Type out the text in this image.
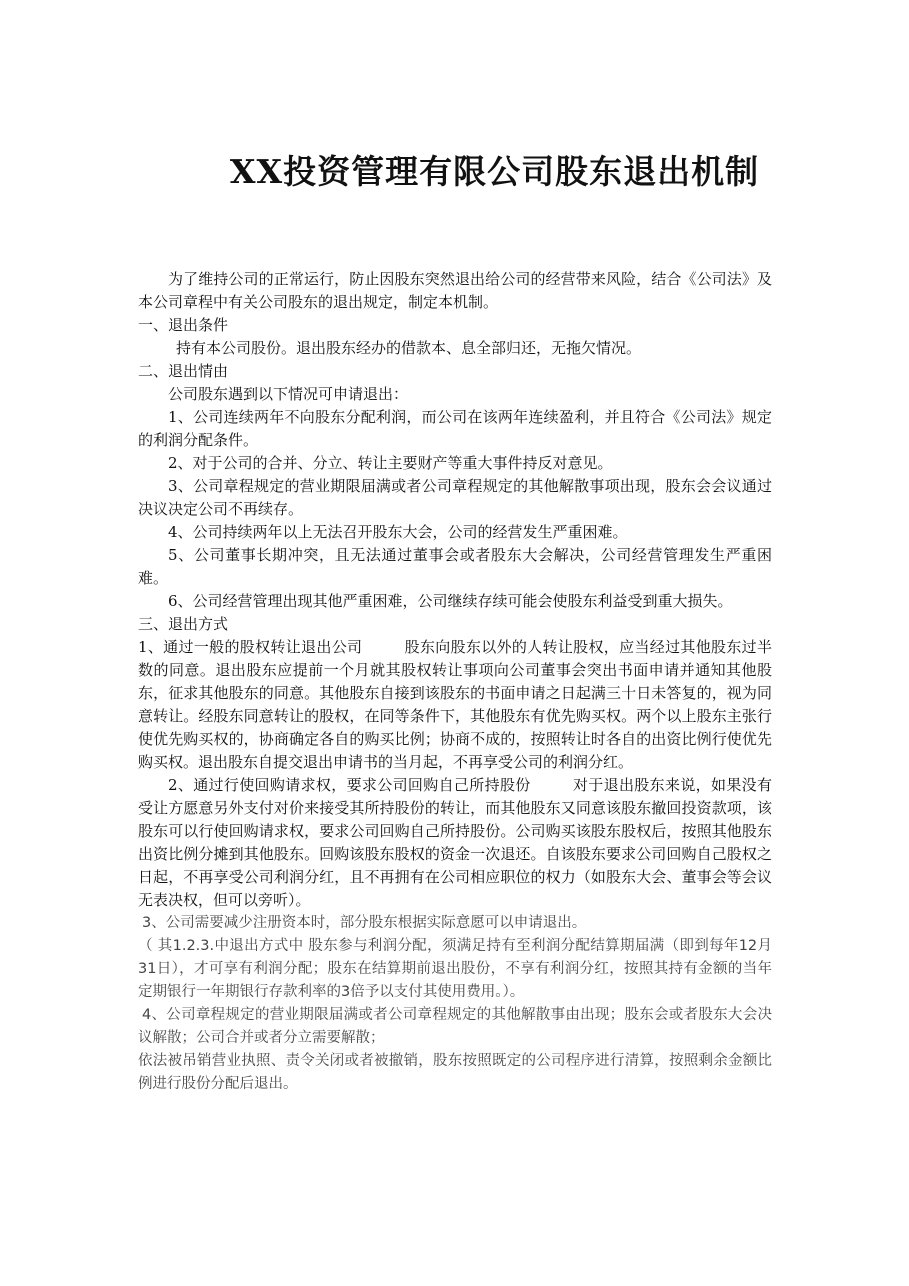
XX投资管理有限公司股东退出机制

为了维持公司的正常运行，防止因股东突然退出给公司的经营带来风险，结合《公司法》及本公司章程中有关公司股东的退出规定，制定本机制。

一、退出条件

持有本公司股份。退出股东经办的借款本、息全部归还，无拖欠情况。

二、退出情由

公司股东遇到以下情况可申请退出：

1、公司连续两年不向股东分配利润，而公司在该两年连续盈利，并且符合《公司法》规定的利润分配条件。

2、对于公司的合并、分立、转让主要财产等重大事件持反对意见。

3、公司章程规定的营业期限届满或者公司章程规定的其他解散事项出现，股东会会议通过决议决定公司不再续存。

4、公司持续两年以上无法召开股东大会，公司的经营发生严重困难。

5、公司董事长期冲突，且无法通过董事会或者股东大会解决，公司经营管理发生严重困难。

6、公司经营管理出现其他严重困难，公司继续存续可能会使股东利益受到重大损失。

三、退出方式

1、通过一般的股权转让退出公司	股东向股东以外的人转让股权，应当经过其他股东过半数的同意。退出股东应提前一个月就其股权转让事项向公司董事会突出书面申请并通知其他股东，征求其他股东的同意。其他股东自接到该股东的书面申请之日起满三十日未答复的，视为同意转让。经股东同意转让的股权，在同等条件下，其他股东有优先购买权。两个以上股东主张行使优先购买权的，协商确定各自的购买比例；协商不成的，按照转让时各自的出资比例行使优先购买权。退出股东自提交退出申请书的当月起，不再享受公司的利润分红。

2、通过行使回购请求权，要求公司回购自己所持股份	对于退出股东来说，如果没有受让方愿意另外支付对价来接受其所持股份的转让，而其他股东又同意该股东撤回投资款项，该股东可以行使回购请求权，要求公司回购自己所持股份。公司购买该股东股权后，按照其他股东出资比例分摊到其他股东。回购该股东股权的资金一次退还。自该股东要求公司回购自己股权之日起，不再享受公司利润分红，且不再拥有在公司相应职位的权力（如股东大会、董事会等会议无表决权，但可以旁听）。

3、公司需要减少注册资本时，部分股东根据实际意愿可以申请退出。

（ 其1.2.3.中退出方式中 股东参与利润分配，须满足持有至利润分配结算期届满（即到每年12月31日），才可享有利润分配；股东在结算期前退出股份，不享有利润分红，按照其持有金额的当年定期银行一年期银行存款利率的3倍予以支付其使用费用。）。

4、公司章程规定的营业期限届满或者公司章程规定的其他解散事由出现；股东会或者股东大会决议解散；公司合并或者分立需要解散；

依法被吊销营业执照、责令关闭或者被撤销，股东按照既定的公司程序进行清算，按照剩余金额比例进行股份分配后退出。
